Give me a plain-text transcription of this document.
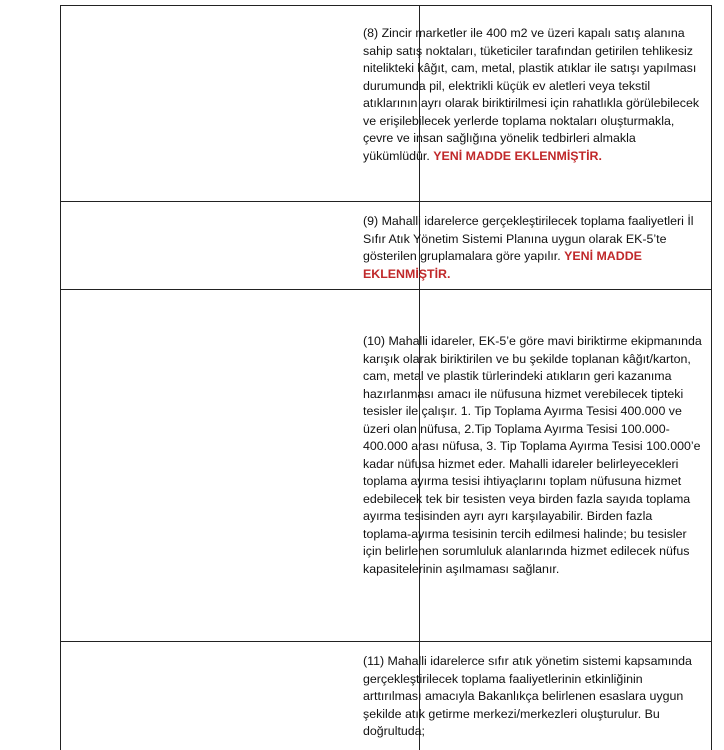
(8) Zincir marketler ile 400 m2 ve üzeri kapalı satış alanına sahip satış noktaları, tüketiciler tarafından getirilen tehlikesiz nitelikteki kâğıt, cam, metal, plastik atıklar ile satışı yapılması durumunda pil, elektrikli küçük ev aletleri veya tekstil atıklarının ayrı olarak biriktirilmesi için rahatlıkla görülebilecek ve erişilebilecek yerlerde toplama noktaları oluşturmakla, çevre ve insan sağlığına yönelik tedbirleri almakla yükümlüdür. YENİ MADDE EKLENMİŞTİR.

(9) Mahalli idarelerce gerçekleştirilecek toplama faaliyetleri İl Sıfır Atık Yönetim Sistemi Planına uygun olarak EK-5’te gösterilen gruplamalara göre yapılır. YENİ MADDE EKLENMİŞTİR.

(10) Mahalli idareler, EK-5’e göre mavi biriktirme ekipmanında karışık olarak biriktirilen ve bu şekilde toplanan kâğıt/karton, cam, metal ve plastik türlerindeki atıkların geri kazanıma hazırlanması amacı ile nüfusuna hizmet verebilecek tipteki tesisler ile çalışır. 1. Tip Toplama Ayırma Tesisi 400.000 ve üzeri olan nüfusa, 2.Tip Toplama Ayırma Tesisi 100.000-400.000 arası nüfusa, 3. Tip Toplama Ayırma Tesisi 100.000’e kadar nüfusa hizmet eder. Mahalli idareler belirleyecekleri toplama ayırma tesisi ihtiyaçlarını toplam nüfusuna hizmet edebilecek tek bir tesisten veya birden fazla sayıda toplama ayırma tesisinden ayrı ayrı karşılayabilir. Birden fazla toplama-ayırma tesisinin tercih edilmesi halinde; bu tesisler için belirlenen sorumluluk alanlarında hizmet edilecek nüfus kapasitelerinin aşılmaması sağlanır.

(11) Mahalli idarelerce sıfır atık yönetim sistemi kapsamında gerçekleştirilecek toplama faaliyetlerinin etkinliğinin arttırılması amacıyla Bakanlıkça belirlenen esaslara uygun şekilde atık getirme merkezi/merkezleri oluşturulur. Bu doğrultuda;
